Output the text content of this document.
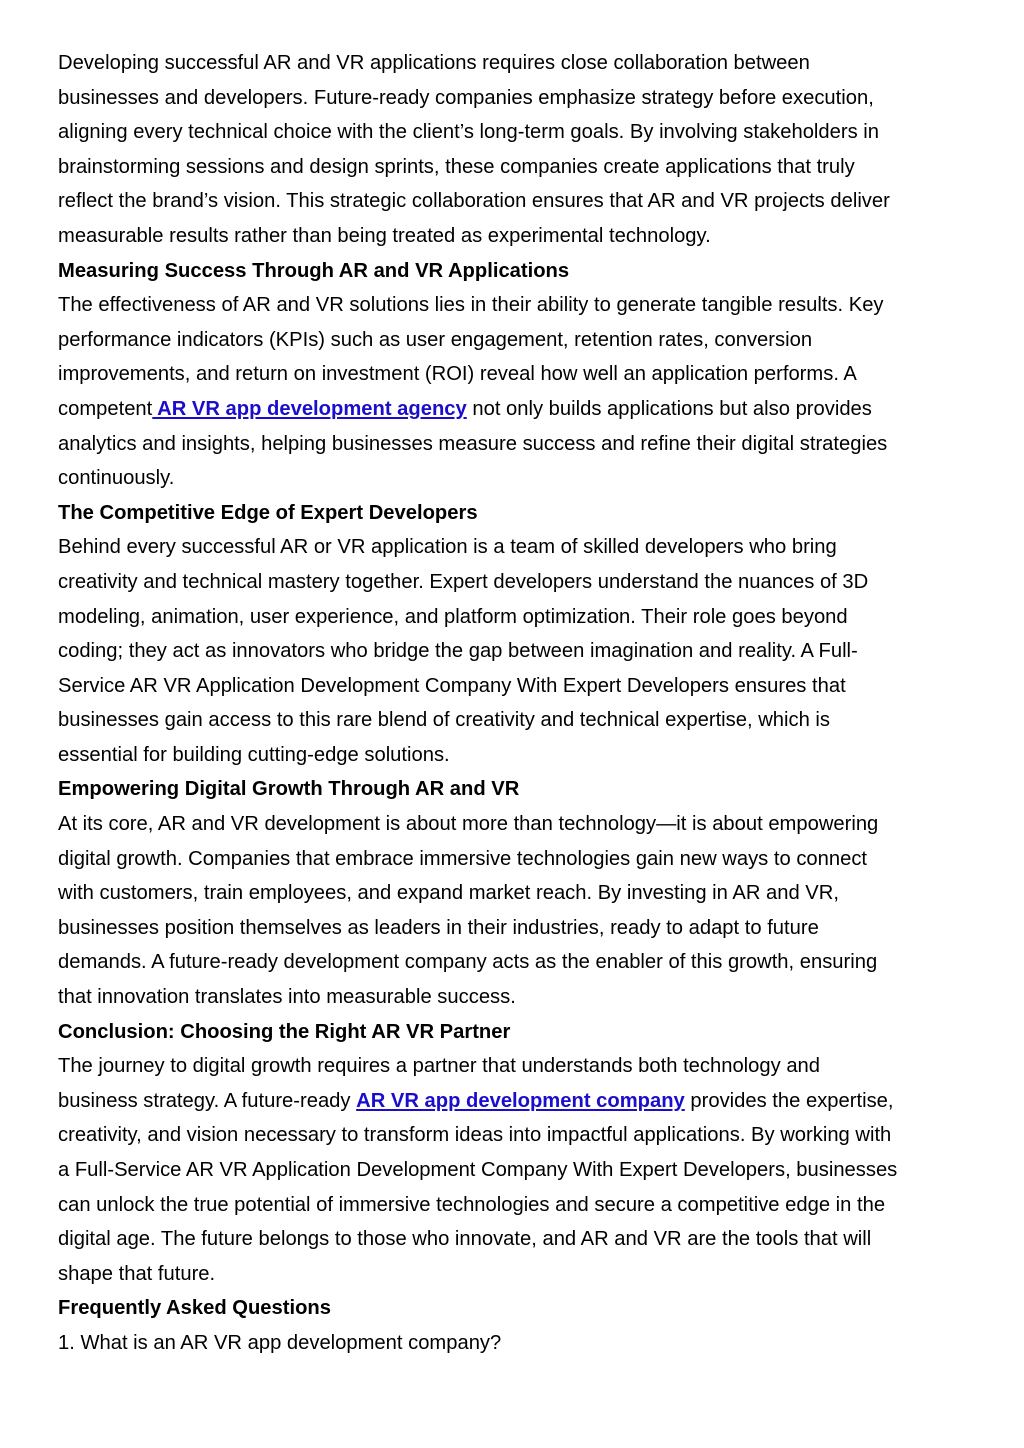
Developing successful AR and VR applications requires close collaboration between
businesses and developers. Future-ready companies emphasize strategy before execution,
aligning every technical choice with the client’s long-term goals. By involving stakeholders in
brainstorming sessions and design sprints, these companies create applications that truly
reflect the brand’s vision. This strategic collaboration ensures that AR and VR projects deliver
measurable results rather than being treated as experimental technology.
Measuring Success Through AR and VR Applications
The effectiveness of AR and VR solutions lies in their ability to generate tangible results. Key
performance indicators (KPIs) such as user engagement, retention rates, conversion
improvements, and return on investment (ROI) reveal how well an application performs. A
competent AR VR app development agency not only builds applications but also provides
analytics and insights, helping businesses measure success and refine their digital strategies
continuously.
The Competitive Edge of Expert Developers
Behind every successful AR or VR application is a team of skilled developers who bring
creativity and technical mastery together. Expert developers understand the nuances of 3D
modeling, animation, user experience, and platform optimization. Their role goes beyond
coding; they act as innovators who bridge the gap between imagination and reality. A Full-
Service AR VR Application Development Company With Expert Developers ensures that
businesses gain access to this rare blend of creativity and technical expertise, which is
essential for building cutting-edge solutions.
Empowering Digital Growth Through AR and VR
At its core, AR and VR development is about more than technology—it is about empowering
digital growth. Companies that embrace immersive technologies gain new ways to connect
with customers, train employees, and expand market reach. By investing in AR and VR,
businesses position themselves as leaders in their industries, ready to adapt to future
demands. A future-ready development company acts as the enabler of this growth, ensuring
that innovation translates into measurable success.
Conclusion: Choosing the Right AR VR Partner
The journey to digital growth requires a partner that understands both technology and
business strategy. A future-ready AR VR app development company provides the expertise,
creativity, and vision necessary to transform ideas into impactful applications. By working with
a Full-Service AR VR Application Development Company With Expert Developers, businesses
can unlock the true potential of immersive technologies and secure a competitive edge in the
digital age. The future belongs to those who innovate, and AR and VR are the tools that will
shape that future.
Frequently Asked Questions
1. What is an AR VR app development company?
